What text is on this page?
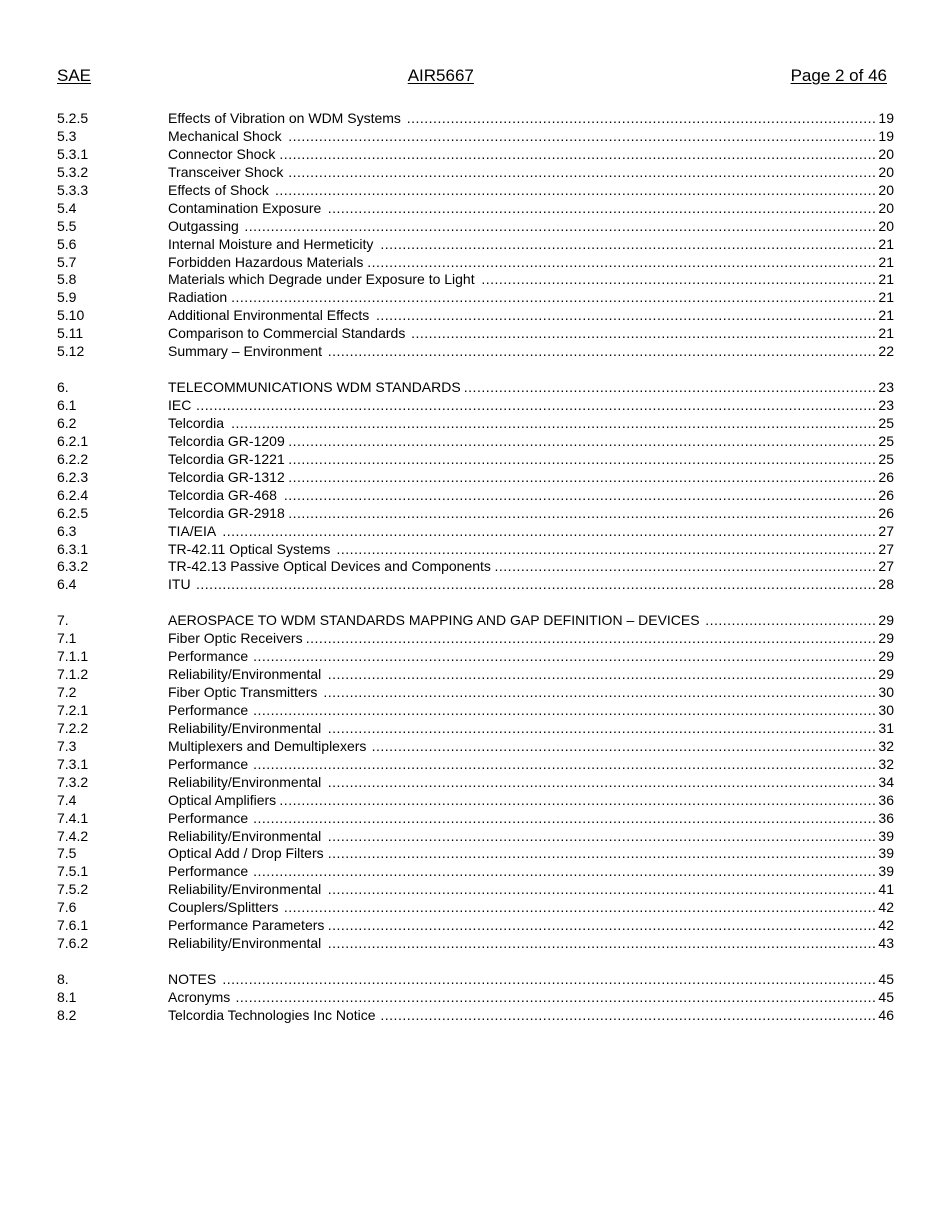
SAE	AIR5667	Page 2 of 46
5.2.5	Effects of Vibration on WDM Systems ........................................................................................................... 19
5.3	Mechanical Shock ...................................................................................................................................... 19
5.3.1	Connector Shock ........................................................................................................................................ 20
5.3.2	Transceiver Shock ...................................................................................................................................... 20
5.3.3	Effects of Shock ......................................................................................................................................... 20
5.4	Contamination Exposure ............................................................................................................................. 20
5.5	Outgassing ................................................................................................................................................ 20
5.6	Internal Moisture and Hermeticity ................................................................................................................. 21
5.7	Forbidden Hazardous Materials .................................................................................................................... 21
5.8	Materials which Degrade under Exposure to Light .......................................................................................... 21
5.9	Radiation ................................................................................................................................................... 21
5.10	Additional Environmental Effects .................................................................................................................. 21
5.11	Comparison to Commercial Standards .......................................................................................................... 21
5.12	Summary – Environment ............................................................................................................................. 22
6.	TELECOMMUNICATIONS WDM STANDARDS .............................................................................................. 23
6.1	IEC ........................................................................................................................................................... 23
6.2	Telcordia ................................................................................................................................................... 25
6.2.1	Telcordia GR-1209 ...................................................................................................................................... 25
6.2.2	Telcordia GR-1221 ...................................................................................................................................... 25
6.2.3	Telcordia GR-1312 ...................................................................................................................................... 26
6.2.4	Telcordia GR-468 ....................................................................................................................................... 26
6.2.5	Telcordia GR-2918 ...................................................................................................................................... 26
6.3	TIA/EIA ..................................................................................................................................................... 27
6.3.1	TR-42.11 Optical Systems ........................................................................................................................... 27
6.3.2	TR-42.13 Passive Optical Devices and Components ....................................................................................... 27
6.4	ITU ........................................................................................................................................................... 28
7.	AEROSPACE TO WDM STANDARDS MAPPING AND GAP DEFINITION – DEVICES ....................................... 29
7.1	Fiber Optic Receivers .................................................................................................................................. 29
7.1.1	Performance .............................................................................................................................................. 29
7.1.2	Reliability/Environmental ............................................................................................................................. 29
7.2	Fiber Optic Transmitters .............................................................................................................................. 30
7.2.1	Performance .............................................................................................................................................. 30
7.2.2	Reliability/Environmental ............................................................................................................................. 31
7.3	Multiplexers and Demultiplexers ................................................................................................................... 32
7.3.1	Performance .............................................................................................................................................. 32
7.3.2	Reliability/Environmental ............................................................................................................................. 34
7.4	Optical Amplifiers ........................................................................................................................................ 36
7.4.1	Performance .............................................................................................................................................. 36
7.4.2	Reliability/Environmental ............................................................................................................................. 39
7.5	Optical Add / Drop Filters ............................................................................................................................. 39
7.5.1	Performance .............................................................................................................................................. 39
7.5.2	Reliability/Environmental ............................................................................................................................. 41
7.6	Couplers/Splitters ....................................................................................................................................... 42
7.6.1	Performance Parameters ............................................................................................................................. 42
7.6.2	Reliability/Environmental ............................................................................................................................. 43
8.	NOTES ..................................................................................................................................................... 45
8.1	Acronyms .................................................................................................................................................. 45
8.2	Telcordia Technologies Inc Notice ................................................................................................................. 46
